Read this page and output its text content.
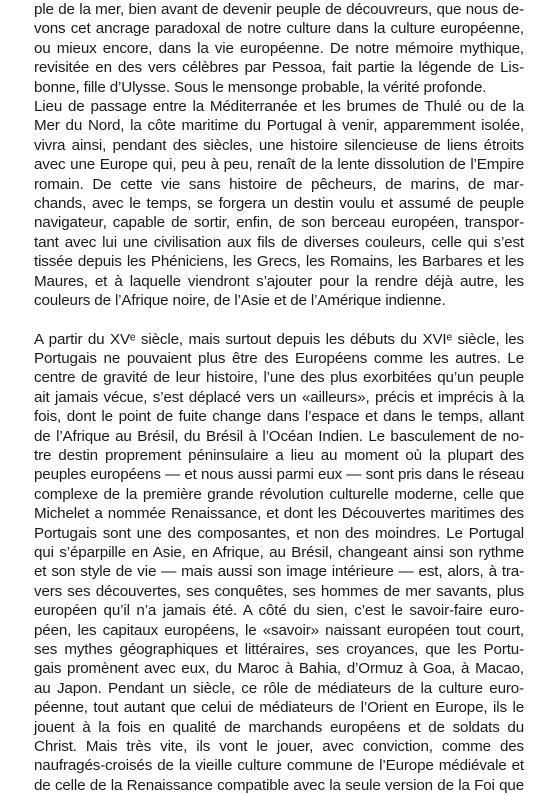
ple de la mer, bien avant de devenir peuple de découvreurs, que nous de-
vons cet ancrage paradoxal de notre culture dans la culture européenne,
ou mieux encore, dans la vie européenne. De notre mémoire mythique,
revisitée en des vers célèbres par Pessoa, fait partie la légende de Lis-
bonne, fille d’Ulysse. Sous le mensonge probable, la vérité profonde.
Lieu de passage entre la Méditerranée et les brumes de Thulé ou de la
Mer du Nord, la côte maritime du Portugal à venir, apparemment isolée,
vivra ainsi, pendant des siècles, une histoire silencieuse de liens étroits
avec une Europe qui, peu à peu, renaît de la lente dissolution de l’Empire
romain. De cette vie sans histoire de pêcheurs, de marins, de mar-
chands, avec le temps, se forgera un destin voulu et assumé de peuple
navigateur, capable de sortir, enfin, de son berceau européen, transpor-
tant avec lui une civilisation aux fils de diverses couleurs, celle qui s’est
tissée depuis les Phéniciens, les Grecs, les Romains, les Barbares et les
Maures, et à laquelle viendront s’ajouter pour la rendre déjà autre, les
couleurs de l’Afrique noire, de l’Asie et de l’Amérique indienne.

A partir du XVᵉ siècle, mais surtout depuis les débuts du XVIᵉ siècle, les
Portugais ne pouvaient plus être des Européens comme les autres. Le
centre de gravité de leur histoire, l’une des plus exorbitées qu’un peuple
ait jamais vécue, s’est déplacé vers un «ailleurs», précis et imprécis à la
fois, dont le point de fuite change dans l’espace et dans le temps, allant
de l’Afrique au Brésil, du Brésil à l’Océan Indien. Le basculement de no-
tre destin proprement péninsulaire a lieu au moment où la plupart des
peuples européens — et nous aussi parmi eux — sont pris dans le réseau
complexe de la première grande révolution culturelle moderne, celle que
Michelet a nommée Renaissance, et dont les Découvertes maritimes des
Portugais sont une des composantes, et non des moindres. Le Portugal
qui s’éparpille en Asie, en Afrique, au Brésil, changeant ainsi son rythme
et son style de vie — mais aussi son image intérieure — est, alors, à tra-
vers ses découvertes, ses conquêtes, ses hommes de mer savants, plus
européen qu’il n’a jamais été. A côté du sien, c’est le savoir-faire euro-
péen, les capitaux européens, le «savoir» naissant européen tout court,
ses mythes géographiques et littéraires, ses croyances, que les Portu-
gais promènent avec eux, du Maroc à Bahia, d’Ormuz à Goa, à Macao,
au Japon. Pendant un siècle, ce rôle de médiateurs de la culture euro-
péenne, tout autant que celui de médiateurs de l’Orient en Europe, ils le
jouent à la fois en qualité de marchands européens et de soldats du
Christ. Mais très vite, ils vont le jouer, avec conviction, comme des
naufragés-croisés de la vieille culture commune de l’Europe médiévale et
de celle de la Renaissance compatible avec la seule version de la Foi que
